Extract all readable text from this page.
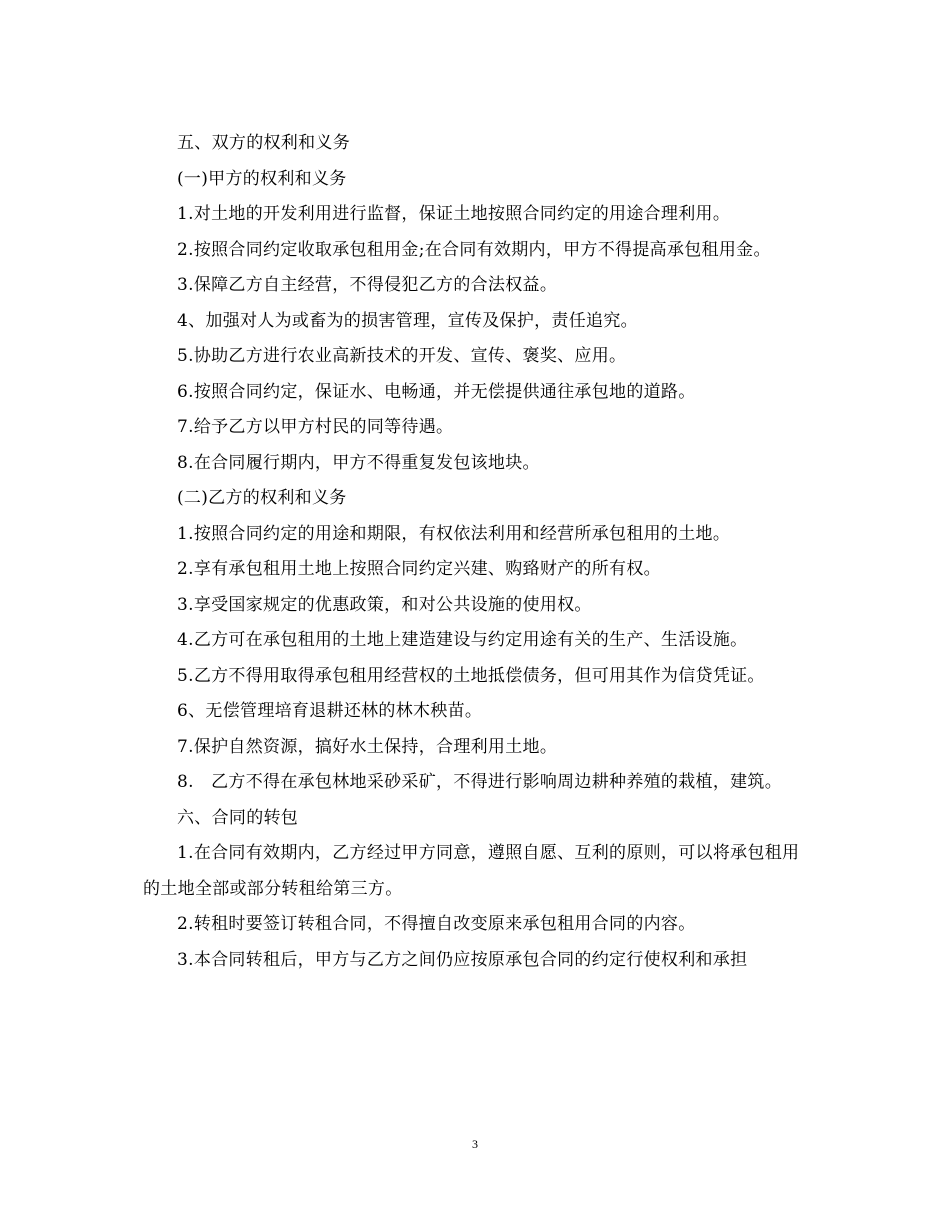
五、双方的权利和义务

(一)甲方的权利和义务

1.对土地的开发利用进行监督，保证土地按照合同约定的用途合理利用。

2.按照合同约定收取承包租用金;在合同有效期内，甲方不得提高承包租用金。

3.保障乙方自主经营，不得侵犯乙方的合法权益。

4、加强对人为或畜为的损害管理，宣传及保护，责任追究。

5.协助乙方进行农业高新技术的开发、宣传、褒奖、应用。

6.按照合同约定，保证水、电畅通，并无偿提供通往承包地的道路。

7.给予乙方以甲方村民的同等待遇。

8.在合同履行期内，甲方不得重复发包该地块。

(二)乙方的权利和义务

1.按照合同约定的用途和期限，有权依法利用和经营所承包租用的土地。

2.享有承包租用土地上按照合同约定兴建、购臵财产的所有权。

3.享受国家规定的优惠政策，和对公共设施的使用权。

4.乙方可在承包租用的土地上建造建设与约定用途有关的生产、生活设施。

5.乙方不得用取得承包租用经营权的土地抵偿债务，但可用其作为信贷凭证。

6、无偿管理培育退耕还林的林木秧苗。

7.保护自然资源，搞好水土保持，合理利用土地。

8.　乙方不得在承包林地采砂采矿，不得进行影响周边耕种养殖的栽植，建筑。

六、合同的转包

1.在合同有效期内，乙方经过甲方同意，遵照自愿、互利的原则，可以将承包租用的土地全部或部分转租给第三方。

2.转租时要签订转租合同，不得擅自改变原来承包租用合同的内容。

3.本合同转租后，甲方与乙方之间仍应按原承包合同的约定行使权利和承担

3
